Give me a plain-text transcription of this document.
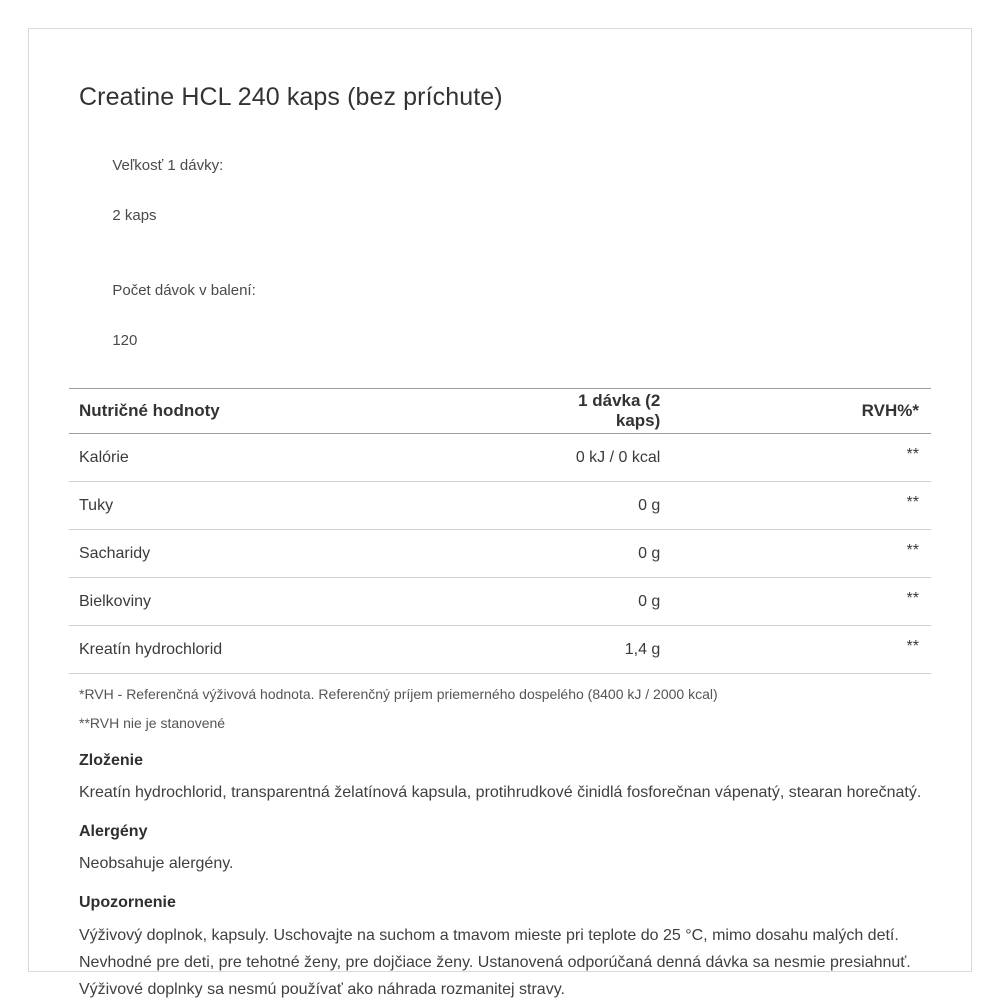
Creatine HCL 240 kaps (bez príchute)

Veľkosť 1 dávky:

2 kaps

Počet dávok v balení:

120

Nutričné hodnoty	1 dávka (2 kaps)	RVH%*
Kalórie	0 kJ / 0 kcal	**
Tuky	0 g	**
Sacharidy	0 g	**
Bielkoviny	0 g	**
Kreatín hydrochlorid	1,4 g	**
*RVH - Referenčná výživová hodnota. Referenčný príjem priemerného dospelého (8400 kJ / 2000 kcal)
**RVH nie je stanovené
Zloženie

Kreatín hydrochlorid, transparentná želatínová kapsula, protihrudkové činidlá fosforečnan vápenatý, stearan horečnatý.

Alergény

Neobsahuje alergény.

Upozornenie

Výživový doplnok, kapsuly. Uschovajte na suchom a tmavom mieste pri teplote do 25 °C, mimo dosahu malých detí. Nevhodné pre deti, pre tehotné ženy, pre dojčiace ženy. Ustanovená odporúčaná denná dávka sa nesmie presiahnuť. Výživové doplnky sa nesmú používať ako náhrada rozmanitej stravy.
